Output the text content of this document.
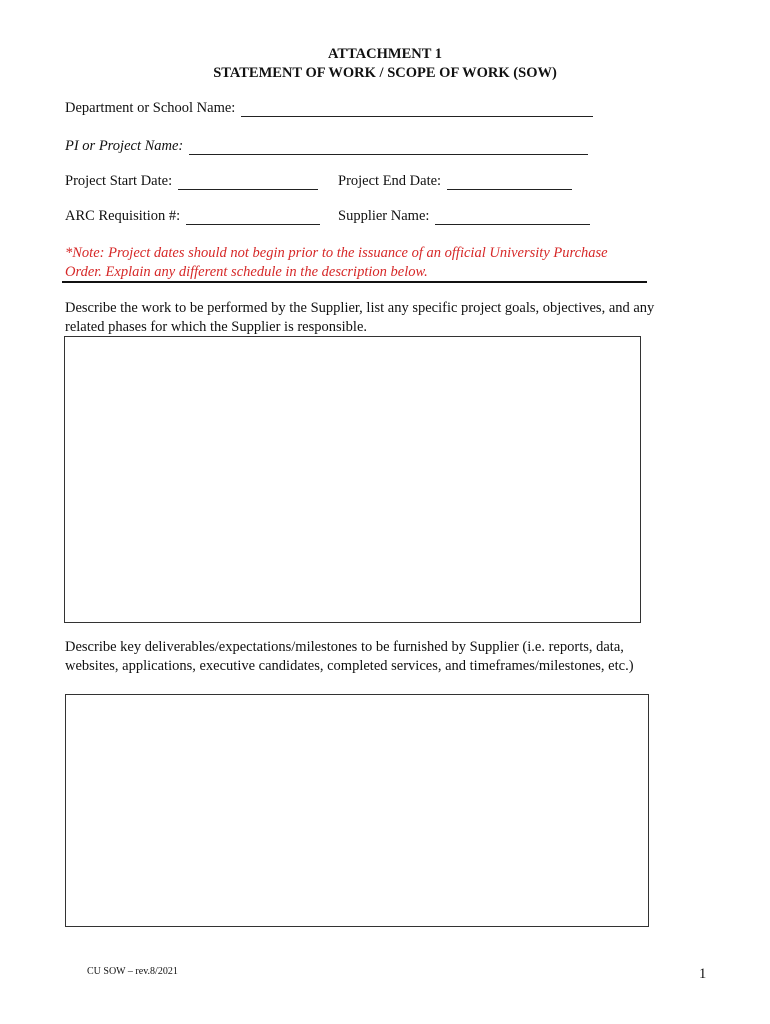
ATTACHMENT 1
STATEMENT OF WORK / SCOPE OF WORK (SOW)
Department or School Name:
PI or Project Name:
Project Start Date:	Project End Date:
ARC Requisition #:	Supplier Name:
*Note: Project dates should not begin prior to the issuance of an official University Purchase Order. Explain any different schedule in the description below.
Describe the work to be performed by the Supplier, list any specific project goals, objectives, and any related phases for which the Supplier is responsible.
Describe key deliverables/expectations/milestones to be furnished by Supplier (i.e. reports, data, websites, applications, executive candidates, completed services, and timeframes/milestones, etc.)
CU SOW – rev.8/2021	1
